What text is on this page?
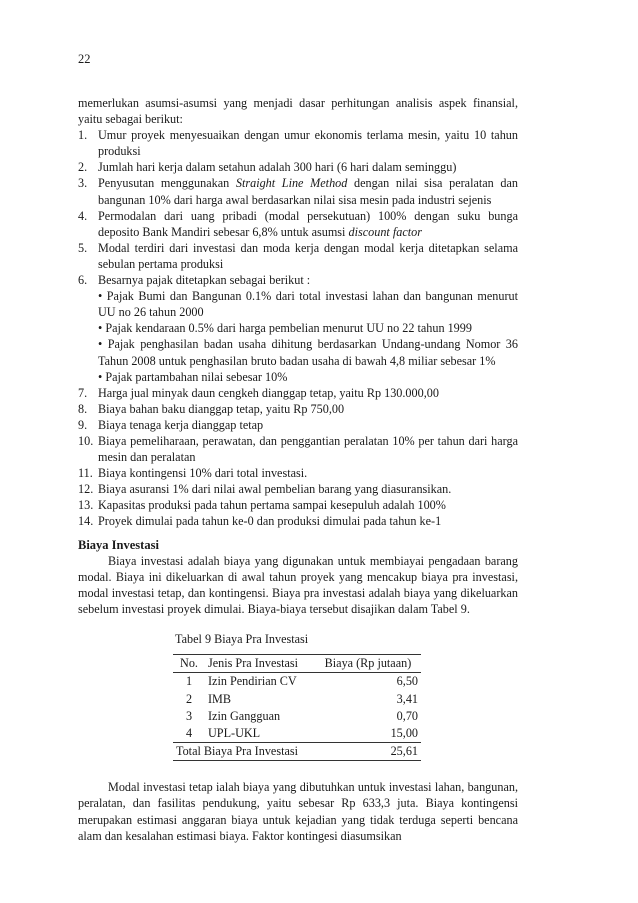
22
memerlukan asumsi-asumsi yang menjadi dasar perhitungan analisis aspek finansial, yaitu sebagai berikut:
1. Umur proyek menyesuaikan dengan umur ekonomis terlama mesin, yaitu 10 tahun produksi
2. Jumlah hari kerja dalam setahun adalah 300 hari (6 hari dalam seminggu)
3. Penyusutan menggunakan Straight Line Method dengan nilai sisa peralatan dan bangunan 10% dari harga awal berdasarkan nilai sisa mesin pada industri sejenis
4. Permodalan dari uang pribadi (modal persekutuan) 100% dengan suku bunga deposito Bank Mandiri sebesar 6,8% untuk asumsi discount factor
5. Modal terdiri dari investasi dan moda kerja dengan modal kerja ditetapkan selama sebulan pertama produksi
6. Besarnya pajak ditetapkan sebagai berikut :
• Pajak Bumi dan Bangunan 0.1% dari total investasi lahan dan bangunan menurut UU no 26 tahun 2000
• Pajak kendaraan 0.5% dari harga pembelian menurut UU no 22 tahun 1999
• Pajak penghasilan badan usaha dihitung berdasarkan Undang-undang Nomor 36 Tahun 2008 untuk penghasilan bruto badan usaha di bawah 4,8 miliar sebesar 1%
• Pajak partambahan nilai sebesar 10%
7. Harga jual minyak daun cengkeh dianggap tetap, yaitu Rp 130.000,00
8. Biaya bahan baku dianggap tetap, yaitu Rp 750,00
9. Biaya tenaga kerja dianggap tetap
10. Biaya pemeliharaan, perawatan, dan penggantian peralatan 10% per tahun dari harga mesin dan peralatan
11. Biaya kontingensi 10% dari total investasi.
12. Biaya asuransi 1% dari nilai awal pembelian barang yang diasuransikan.
13. Kapasitas produksi pada tahun pertama sampai kesepuluh adalah 100%
14. Proyek dimulai pada tahun ke-0 dan produksi dimulai pada tahun ke-1
Biaya Investasi
Biaya investasi adalah biaya yang digunakan untuk membiayai pengadaan barang modal. Biaya ini dikeluarkan di awal tahun proyek yang mencakup biaya pra investasi, modal investasi tetap, dan kontingensi. Biaya pra investasi adalah biaya yang dikeluarkan sebelum investasi proyek dimulai. Biaya-biaya tersebut disajikan dalam Tabel 9.
Tabel 9 Biaya Pra Investasi
No.	Jenis Pra Investasi	Biaya (Rp jutaan)
1	Izin Pendirian CV	6,50
2	IMB	3,41
3	Izin Gangguan	0,70
4	UPL-UKL	15,00
Total Biaya Pra Investasi		25,61
Modal investasi tetap ialah biaya yang dibutuhkan untuk investasi lahan, bangunan, peralatan, dan fasilitas pendukung, yaitu sebesar Rp 633,3 juta. Biaya kontingensi merupakan estimasi anggaran biaya untuk kejadian yang tidak terduga seperti bencana alam dan kesalahan estimasi biaya. Faktor kontingesi diasumsikan
